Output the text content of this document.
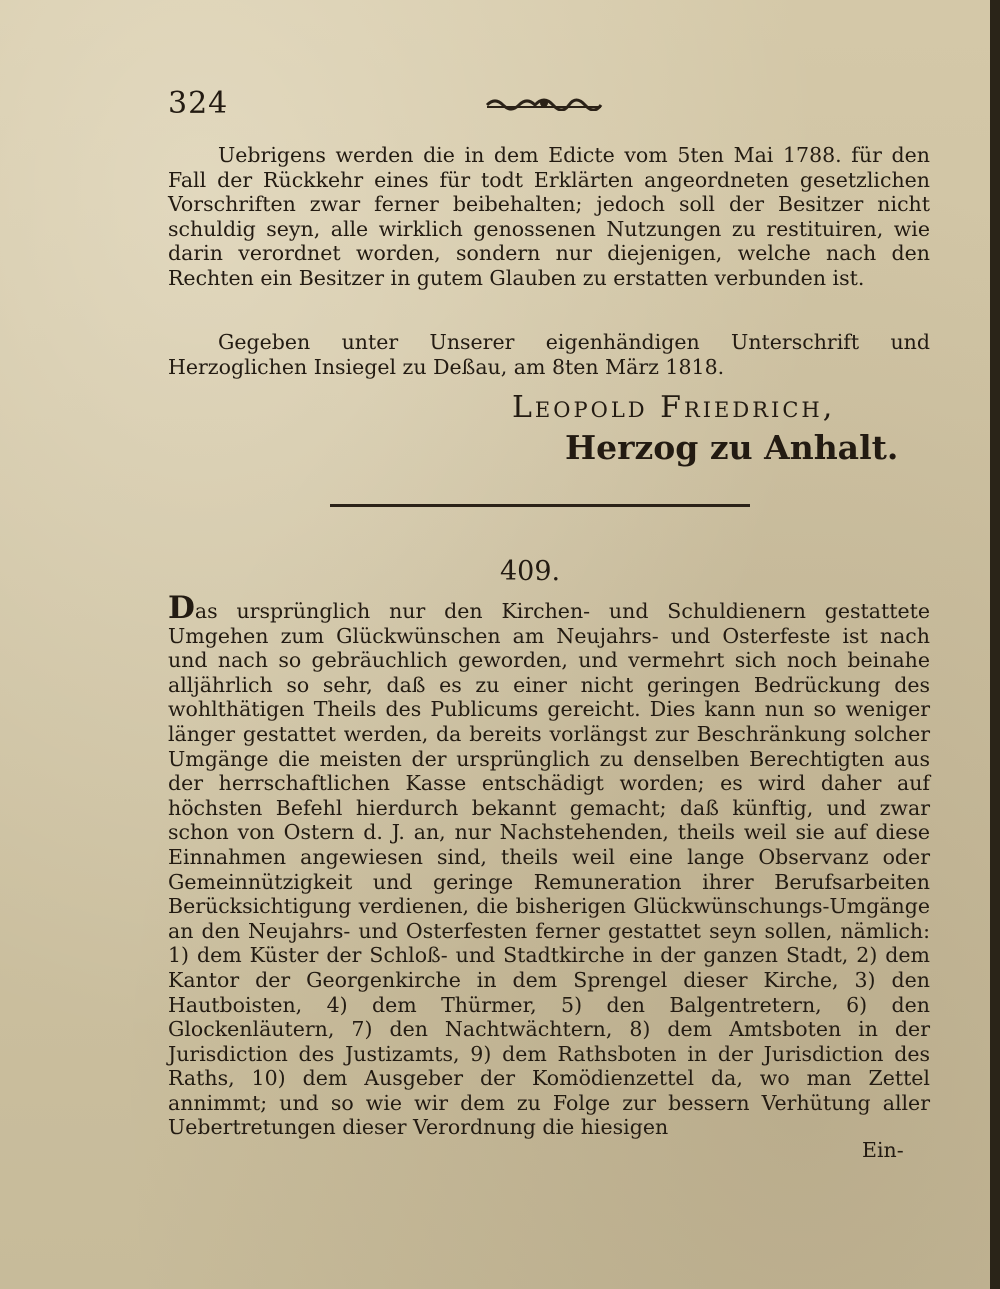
324

Uebrigens werden die in dem Edicte vom 5ten Mai 1788. für den Fall der Rückkehr eines für todt Erklärten angeordneten gesetzlichen Vorschriften zwar ferner beibehalten; jedoch soll der Besitzer nicht schuldig seyn, alle wirklich genossenen Nutzungen zu restituiren, wie darin verordnet worden, sondern nur diejenigen, welche nach den Rechten ein Besitzer in gutem Glauben zu erstatten verbunden ist.

Gegeben unter Unserer eigenhändigen Unterschrift und Herzoglichen Insiegel zu Deßau, am 8ten März 1818.

Leopold Friedrich,
Herzog zu Anhalt.
409.

Das ursprünglich nur den Kirchen- und Schuldienern gestattete Umgehen zum Glückwünschen am Neujahrs- und Osterfeste ist nach und nach so gebräuchlich geworden, und vermehrt sich noch beinahe alljährlich so sehr, daß es zu einer nicht geringen Bedrückung des wohlthätigen Theils des Publicums gereicht. Dies kann nun so weniger länger gestattet werden, da bereits vorlängst zur Beschränkung solcher Umgänge die meisten der ursprünglich zu denselben Berechtigten aus der herrschaftlichen Kasse entschädigt worden; es wird daher auf höchsten Befehl hierdurch bekannt gemacht; daß künftig, und zwar schon von Ostern d. J. an, nur Nachstehenden, theils weil sie auf diese Einnahmen angewiesen sind, theils weil eine lange Observanz oder Gemeinnützigkeit und geringe Remuneration ihrer Berufsarbeiten Berücksichtigung verdienen, die bisherigen Glückwünschungs-Umgänge an den Neujahrs- und Osterfesten ferner gestattet seyn sollen, nämlich: 1) dem Küster der Schloß- und Stadtkirche in der ganzen Stadt, 2) dem Kantor der Georgenkirche in dem Sprengel dieser Kirche, 3) den Hautboisten, 4) dem Thürmer, 5) den Balgentretern, 6) den Glockenläutern, 7) den Nachtwächtern, 8) dem Amtsboten in der Jurisdiction des Justizamts, 9) dem Rathsboten in der Jurisdiction des Raths, 10) dem Ausgeber der Komödienzettel da, wo man Zettel annimmt; und so wie wir dem zu Folge zur bessern Verhütung aller Uebertretungen dieser Verordnung die hiesigen

Ein-
